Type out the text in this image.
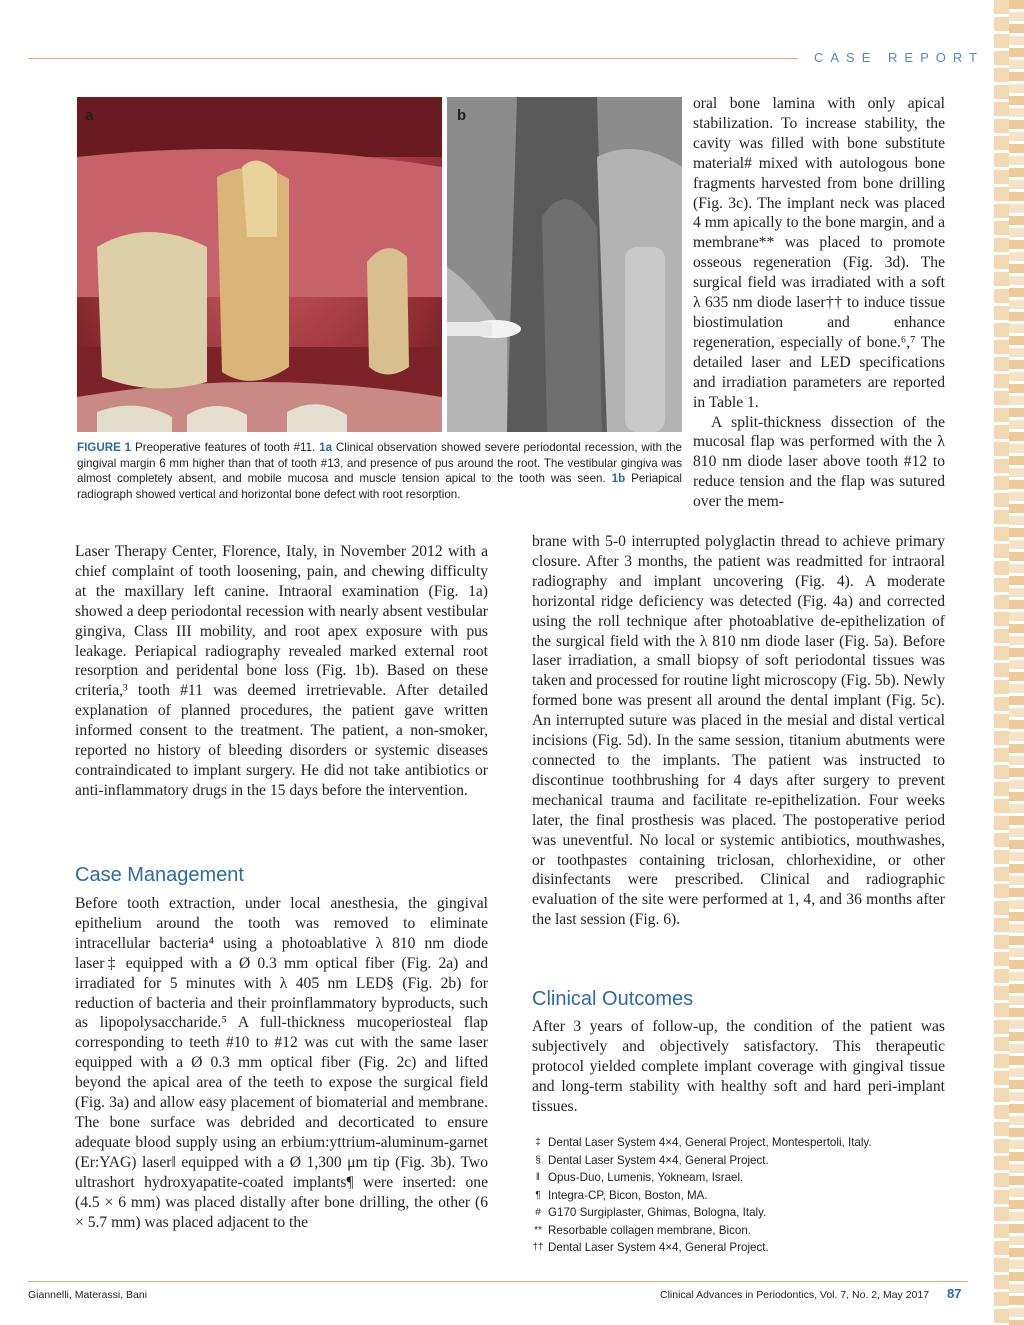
CASE REPORT
a	b
FIGURE 1 Preoperative features of tooth #11. 1a Clinical observation showed severe periodontal recession, with the gingival margin 6 mm higher than that of tooth #13, and presence of pus around the root. The vestibular gingiva was almost completely absent, and mobile mucosa and muscle tension apical to the tooth was seen. 1b Periapical radiograph showed vertical and horizontal bone defect with root resorption.
Laser Therapy Center, Florence, Italy, in November 2012 with a chief complaint of tooth loosening, pain, and chewing difficulty at the maxillary left canine. Intraoral examination (Fig. 1a) showed a deep periodontal recession with nearly absent vestibular gingiva, Class III mobility, and root apex exposure with pus leakage. Periapical radiography revealed marked external root resorption and peridental bone loss (Fig. 1b). Based on these criteria,³ tooth #11 was deemed irretrievable. After detailed explanation of planned procedures, the patient gave written informed consent to the treatment. The patient, a non-smoker, reported no history of bleeding disorders or systemic diseases contraindicated to implant surgery. He did not take antibiotics or anti-inflammatory drugs in the 15 days before the intervention.
Case Management
Before tooth extraction, under local anesthesia, the gingival epithelium around the tooth was removed to eliminate intracellular bacteria⁴ using a photoablative λ 810 nm diode laser‡ equipped with a Ø 0.3 mm optical fiber (Fig. 2a) and irradiated for 5 minutes with λ 405 nm LED§ (Fig. 2b) for reduction of bacteria and their proinflammatory byproducts, such as lipopolysaccharide.⁵ A full-thickness mucoperiosteal flap corresponding to teeth #10 to #12 was cut with the same laser equipped with a Ø 0.3 mm optical fiber (Fig. 2c) and lifted beyond the apical area of the teeth to expose the surgical field (Fig. 3a) and allow easy placement of biomaterial and membrane. The bone surface was debrided and decorticated to ensure adequate blood supply using an erbium:yttrium-aluminum-garnet (Er:YAG) laser‖ equipped with a Ø 1,300 μm tip (Fig. 3b). Two ultrashort hydroxyapatite-coated implants¶ were inserted: one (4.5 × 6 mm) was placed distally after bone drilling, the other (6 × 5.7 mm) was placed adjacent to the
oral bone lamina with only apical stabilization. To increase stability, the cavity was filled with bone substitute material# mixed with autologous bone fragments harvested from bone drilling (Fig. 3c). The implant neck was placed 4 mm apically to the bone margin, and a membrane** was placed to promote osseous regeneration (Fig. 3d). The surgical field was irradiated with a soft λ 635 nm diode laser†† to induce tissue biostimulation and enhance regeneration, especially of bone.⁶,⁷ The detailed laser and LED specifications and irradiation parameters are reported in Table 1.
A split-thickness dissection of the mucosal flap was performed with the λ 810 nm diode laser above tooth #12 to reduce tension and the flap was sutured over the mem-
brane with 5-0 interrupted polyglactin thread to achieve primary closure. After 3 months, the patient was readmitted for intraoral radiography and implant uncovering (Fig. 4). A moderate horizontal ridge deficiency was detected (Fig. 4a) and corrected using the roll technique after photoablative de-epithelization of the surgical field with the λ 810 nm diode laser (Fig. 5a). Before laser irradiation, a small biopsy of soft periodontal tissues was taken and processed for routine light microscopy (Fig. 5b). Newly formed bone was present all around the dental implant (Fig. 5c). An interrupted suture was placed in the mesial and distal vertical incisions (Fig. 5d). In the same session, titanium abutments were connected to the implants. The patient was instructed to discontinue toothbrushing for 4 days after surgery to prevent mechanical trauma and facilitate re-epithelization. Four weeks later, the final prosthesis was placed. The postoperative period was uneventful. No local or systemic antibiotics, mouthwashes, or toothpastes containing triclosan, chlorhexidine, or other disinfectants were prescribed. Clinical and radiographic evaluation of the site were performed at 1, 4, and 36 months after the last session (Fig. 6).
Clinical Outcomes
After 3 years of follow-up, the condition of the patient was subjectively and objectively satisfactory. This therapeutic protocol yielded complete implant coverage with gingival tissue and long-term stability with healthy soft and hard peri-implant tissues.
‡ Dental Laser System 4×4, General Project, Montespertoli, Italy.
§ Dental Laser System 4×4, General Project.
‖ Opus-Duo, Lumenis, Yokneam, Israel.
¶ Integra-CP, Bicon, Boston, MA.
# G170 Surgiplaster, Ghimas, Bologna, Italy.
** Resorbable collagen membrane, Bicon.
†† Dental Laser System 4×4, General Project.
Giannelli, Materassi, Bani	Clinical Advances in Periodontics, Vol. 7, No. 2, May 2017 87
